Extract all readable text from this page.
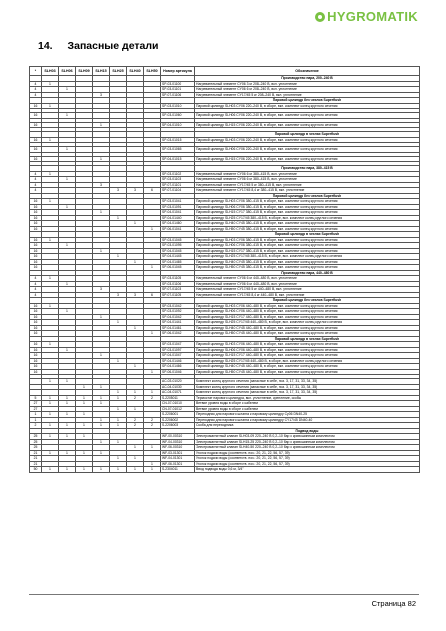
HYGRO MATIK
14. Запасные детали
*	SLH03	SLH06	SLH09	SLH15	SLH25	SLH40	SLH50	Номер артикула	Обозначение
									Производство пара, 200–240 В
4	1							SP-03-01100	Нагревательный элемент CY06 3 кг 208–240 В, вкл. уплотнение
4		1						SP-03-01101	Нагревательный элемент CY06 6 кг 208–240 В, вкл. уплотнение
4				3				SP-07-01106	Нагревательный элемент CY17/45 5 кг 208–240 В, вкл. уплотнение
									Паровой цилиндр без чехлов Superflush
16	1							SP-03-01010	Паровой цилиндр SLH03 CY06 220–240 В, в сборе, вкл. комплект колец круглого сечения

16		1						SP-03-01060	Паровой цилиндр SLH06 CY06 220–240 В, в сборе, вкл. комплект колец круглого сечения

16				1				SP-04-01010	Паровой цилиндр SLH15 CY06 220–240 В, в сборе, вкл. комплект колец круглого сечения

									Паровой цилиндр в чехлах Superflush
16	1							SP-03-01015	Паровой цилиндр SLH03 CY06 220–240 В, в сборе, вкл. комплект колец круглого сечения

16		1						SP-03-01065	Паровой цилиндр SLH06 CY06 220–240 В, в сборе, вкл. комплект колец круглого сечения

16				1				SP-04-01015	Паровой цилиндр SLH15 CY06 220–240 В, в сборе, вкл. комплект колец круглого сечения

									Производство пара, 380–415 В
4	1							SP-03-01102	Нагревательный элемент CY06 6 кг 380–415 В, вкл. уплотнение
4		1						SP-03-01103	Нагревательный элемент CY06 6 кг 380–415 В, вкл. уплотнение
4				3				SP-07-01101	Нагревательный элемент CY17/45 5 кг 380–415 В, вкл. уплотнение
4					3	3	6	SP-07-01104	Нагревательный элемент CY17/45 8,4 кг 380–415 В, вкл. уплотнение
									Паровой цилиндр без чехлов Superflush
16	1							SP-03-01041	Паровой цилиндр SLH03 CY06 380–415 В, в сборе, вкл. комплект колец круглого сечения
16		1						SP-03-01091	Паровой цилиндр SLH06 CY06 380–415 В, в сборе, вкл. комплект колец круглого сечения
16				1				SP-04-01041	Паровой цилиндр SLH15 CY17 380–415 В, в сборе, вкл. комплект колец круглого сечения
16					1			SP-04-01440	Паровой цилиндр SLH25 CY17/45 380–415 В, в сборе, вкл. комплект колец круглого сечения
16						1		SP-04-01460	Паровой цилиндр SLH40 CY45 380–415 В, в сборе, вкл. комплект колец круглого сечения
16							1	SP-06-01041	Паровой цилиндр SLH50 CY45 380–415 В, в сборе, вкл. комплект колец круглого сечения
									Паровой цилиндр в чехлах Superflush
16	1							SP-03-01045	Паровой цилиндр SLH03 CY06 380–415 В, в сборе, вкл. комплект колец круглого сечения
16		1						SP-03-01095	Паровой цилиндр SLH06 CY06 380–415 В, в сборе, вкл. комплект колец круглого сечения
16				1				SP-04-01045	Паровой цилиндр SLH15 CY17 380–415 В, в сборе, вкл. комплект колец круглого сечения
16					1			SP-04-01445	Паровой цилиндр SLH25 CY17/45 380–415 В, в сборе, вкл. комплект колец круглого сечения
16						1		SP-04-01465	Паровой цилиндр SLH40 CY45 380–415 В, в сборе, вкл. комплект колец круглого сечения
16							1	SP-06-01045	Паровой цилиндр SLH50 CY45 380–415 В, в сборе, вкл. комплект колец круглого сечения
									Производство пара, 440–480 В
4	1							SP-03-01105	Нагревательный элемент CY06 6 кг 440–480 В, вкл. уплотнение
4		1						SP-03-01106	Нагревательный элемент CY06 6 кг 440–480 В, вкл. уплотнение
4				3				SP-07-01103	Нагревательный элемент CY17/45 5 кг 440–480 В, вкл. уплотнение
4					3	3	6	SP-07-01105	Нагревательный элемент CY17/45 8,4 кг 440–480 В, вкл. уплотнение
									Паровой цилиндр без чехлов Superflush
16	1							SP-03-01042	Паровой цилиндр SLH03 CY06 440–480 В, в сборе, вкл. комплект колец круглого сечения
16		1						SP-03-01092	Паровой цилиндр SLH06 CY06 440–480 В, в сборе, вкл. комплект колец круглого сечения
16				1				SP-04-01042	Паровой цилиндр SLH15 CY17 440–480 В, в сборе, вкл. комплект колец круглого сечения
16					1			SP-04-01441	Паровой цилиндр SLH25 CY17/45 440–480 В, в сборе, вкл. комплект колец круглого сечения
16						1		SP-04-01461	Паровой цилиндр SLH40 CY45 440–480 В, в сборе, вкл. комплект колец круглого сечения
16							1	SP-06-01042	Паровой цилиндр SLH50 CY45 440–480 В, в сборе, вкл. комплект колец круглого сечения
									Паровой цилиндр в чехлах Superflush
16	1							SP-03-01047	Паровой цилиндр SLH03 CY06 440–480 В, в сборе, вкл. комплект колец круглого сечения
16		1						SP-03-01097	Паровой цилиндр SLH06 CY06 440–480 В, в сборе, вкл. комплект колец круглого сечения
16				1				SP-04-01047	Паровой цилиндр SLH15 CY17 440–480 В, в сборе, вкл. комплект колец круглого сечения
16					1			SP-04-01446	Паровой цилиндр SLH25 CY17/45 440–480 В, в сборе, вкл. комплект колец круглого сечения
16						1		SP-04-01466	Паровой цилиндр SLH40 CY45 440–480 В, в сборе, вкл. комплект колец круглого сечения
16							1	SP-06-01046	Паровой цилиндр SLH50 CY45 440–480 В, в сборе, вкл. комплект колец круглого сечения

	1	1						AC-03-01020	Комплект колец круглого сечения (запасные в себе, поз. 3, 17, 31, 33, 34, 35)
			1	1				AC-04-01030	Комплект колец круглого сечения (запасные в себе, поз. 3, 17, 31, 33, 34, 35)
					1	1	1	AC-04-01071	Комплект колец круглого сечения (запасные в себе, поз. 3, 17, 31, 33, 34, 35)
5	1	1	1	1	1	2	2	S-2205011	Термостат парового цилиндра, вкл. уплотнение, крепление, скобы
27	1	1	1	1				CN-07-01010	Ветвие уровня воды в сборе с кабелем
27					1	1		CN-07-01012	Ветвие уровня воды в сборе с кабелем
1	1	1	1					S-2206001	Переходник для парового шланга к паровому цилиндру Cy06 DN40-25
1				1	1	2	2	S-2206002	Переходник для парового шланга к паровому цилиндру CY17/45 DN40-40
2	1	1	1	1	1	2	2	S-2206003	Скоба для переходника
									Подвод воды
25	1	1	1					WF-00-00310	Электромагнитный клапан SLH03-09 220–240 В 0,2–10 бар с кривошипным комплектом
25				1	1			WF-04-00310	Электромагнитный клапан SLH15-25 220–240 В 0,2–10 бар с кривошипным комплектом
25						1	1	WF-06-00310	Электромагнитный клапан SLH40-50 220–240 В 0,2–10 бар с кривошипным комплектом
21	1	1	1	1				WF-03-01301	Уголок подачи воды (соответств. поз.: 20, 21, 22, 56, 57, 39)
21					1	1		WF-04-01301	Уголок подачи воды (соответств. поз.: 20, 21, 22, 56, 57, 39)
21							1	WF-06-01301	Уголок подачи воды (соответств. поз.: 20, 21, 22, 56, 57, 39)
50	1	1	1	1	1	1	1	S-2304011	Ввод подвода воды 0,6 м, 3/4"
Страница 82
